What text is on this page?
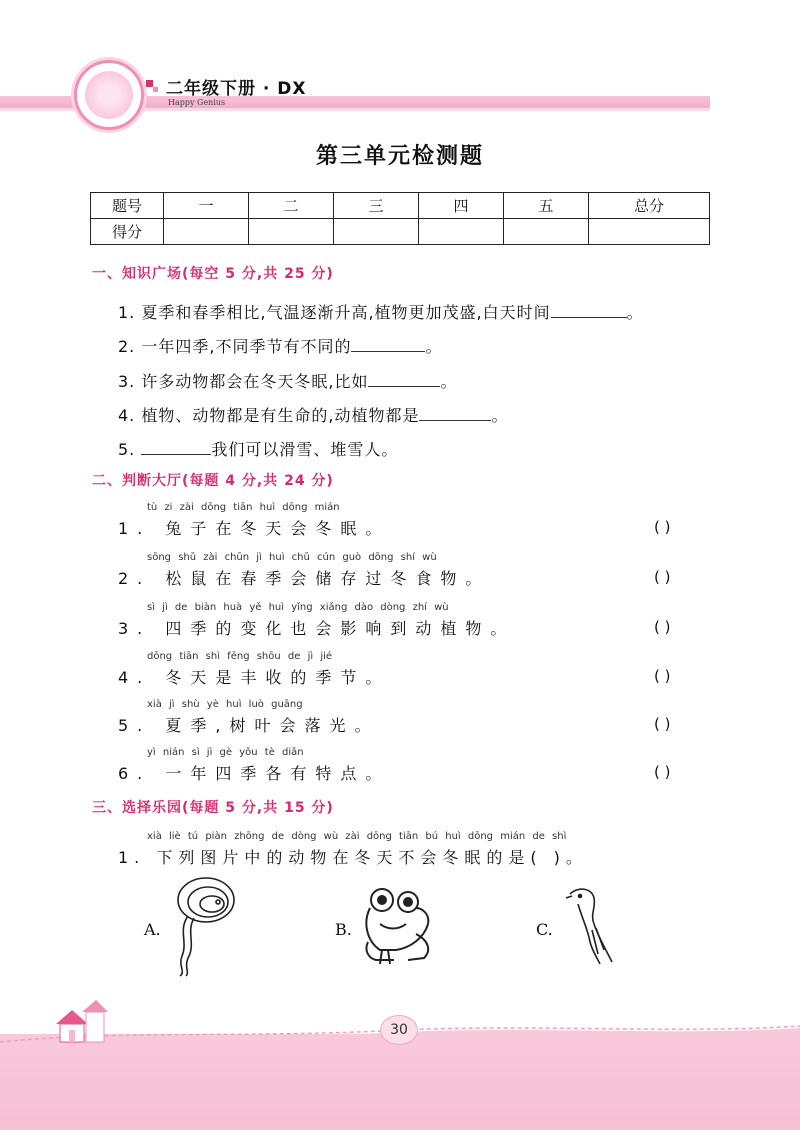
二年级下册 · DX
Happy Genius
第三单元检测题
题号	一	二	三	四	五	总分
得分						
一、知识广场(每空 5 分,共 25 分)
1. 夏季和春季相比,气温逐渐升高,植物更加茂盛,白天时间	。
2. 一年四季,不同季节有不同的	。
3. 许多动物都会在冬天冬眠,比如	。
4. 植物、动物都是有生命的,动植物都是	。
5.	我们可以滑雪、堆雪人。
二、判断大厅(每题 4 分,共 24 分)
tù zi zài dōng tiān huì dōng mián
1. 兔子在冬天会冬眠。	( )
sōng shǔ zài chūn jì huì chǔ cún guò dōng shí wù
2. 松鼠在春季会储存过冬食物。	( )
sì jì de biàn huà yě huì yǐng xiǎng dào dòng zhí wù
3. 四季的变化也会影响到动植物。	( )
dōng tiān shì fēng shōu de jì jié
4. 冬天是丰收的季节。	( )
xià jì shù yè huì luò guāng
5. 夏季,树叶会落光。	( )
yì nián sì jì gè yǒu tè diǎn
6. 一年四季各有特点。	( )
三、选择乐园(每题 5 分,共 15 分)
xià liè tú piàn zhōng de dòng wù zài dōng tiān bú huì dōng mián de shì
1. 下列图片中的动物在冬天不会冬眠的是( )。
A.	B.	C.
30
